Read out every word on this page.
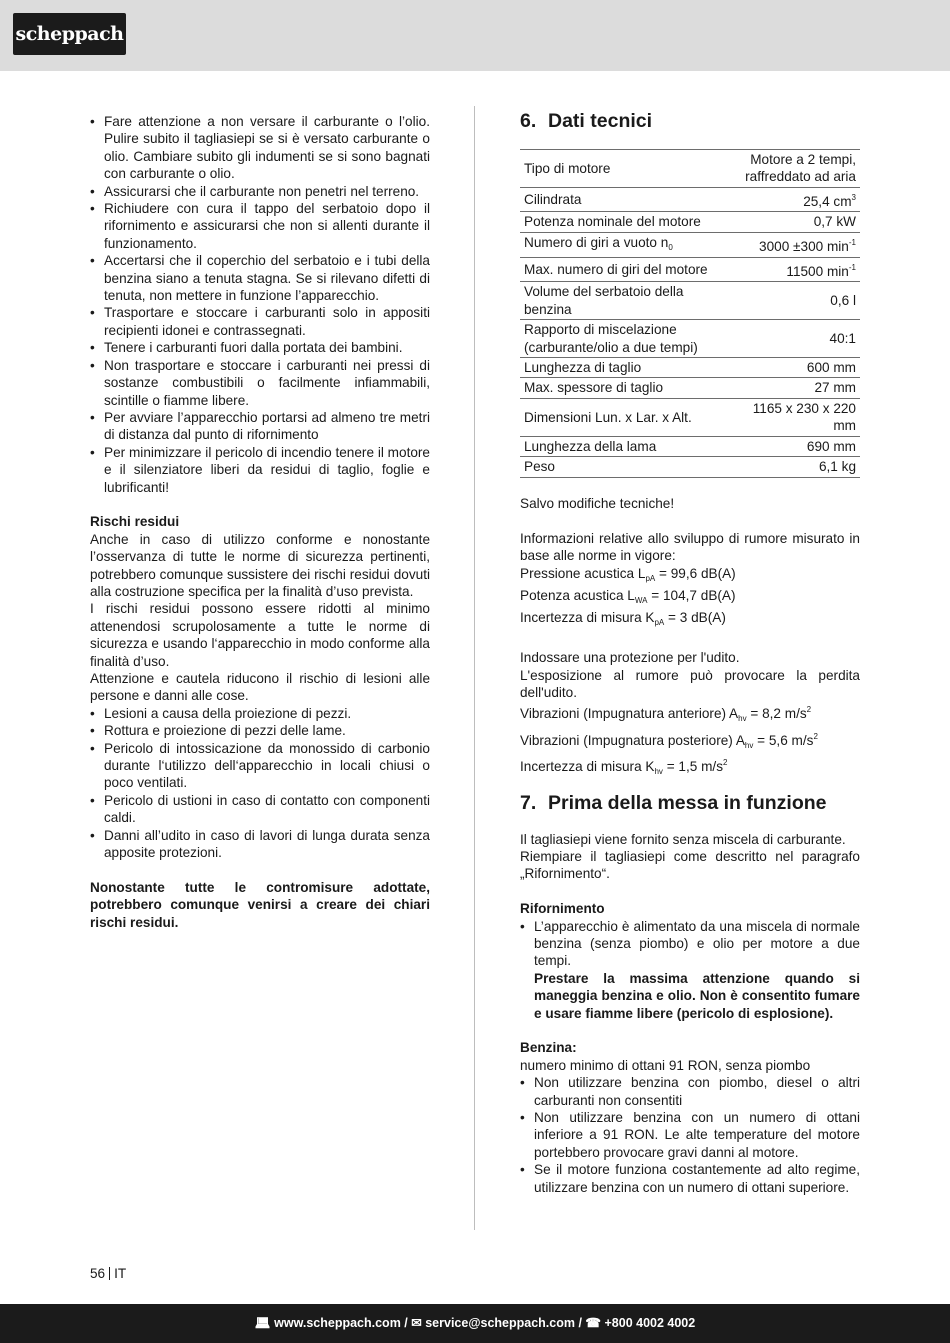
scheppach
• Fare attenzione a non versare il carburante o l’olio. Pulire subito il tagliasiepi se si è versato carburante o olio. Cambiare subito gli indumenti se si sono bagnati con carburante o olio.
• Assicurarsi che il carburante non penetri nel terreno.
• Richiudere con cura il tappo del serbatoio dopo il rifornimento e assicurarsi che non si allenti durante il funzionamento.
• Accertarsi che il coperchio del serbatoio e i tubi della benzina siano a tenuta stagna. Se si rilevano difetti di tenuta, non mettere in funzione l’apparecchio.
• Trasportare e stoccare i carburanti solo in appositi recipienti idonei e contrassegnati.
• Tenere i carburanti fuori dalla portata dei bambini.
• Non trasportare e stoccare i carburanti nei pressi di sostanze combustibili o facilmente infiammabili, scintille o fiamme libere.
• Per avviare l’apparecchio portarsi ad almeno tre metri di distanza dal punto di rifornimento
• Per minimizzare il pericolo di incendio tenere il motore e il silenziatore liberi da residui di taglio, foglie e lubrificanti!
Rischi residui

Anche in caso di utilizzo conforme e nonostante l’osservanza di tutte le norme di sicurezza pertinenti, potrebbero comunque sussistere dei rischi residui dovuti alla costruzione specifica per la finalità d’uso prevista.

I rischi residui possono essere ridotti al minimo attenendosi scrupolosamente a tutte le norme di sicurezza e usando l‘apparecchio in modo conforme alla finalità d’uso.

Attenzione e cautela riducono il rischio di lesioni alle persone e danni alle cose.

• Lesioni a causa della proiezione di pezzi.
• Rottura e proiezione di pezzi delle lame.
• Pericolo di intossicazione da monossido di carbonio durante l‘utilizzo dell‘apparecchio in locali chiusi o poco ventilati.
• Pericolo di ustioni in caso di contatto con componenti caldi.
• Danni all’udito in caso di lavori di lunga durata senza apposite protezioni.

Nonostante tutte le contromisure adottate, potrebbero comunque venirsi a creare dei chiari rischi residui.

6. Dati tecnici
Tipo di motore	Motore a 2 tempi, raffreddato ad aria
Cilindrata	25,4 $cm^3$
Potenza nominale del motore	0,7 kW
Numero di giri a vuoto $n_0$	3000 ±300 $\min^{-1}$
Max. numero di giri del motore	11500 $\min^{-1}$
Volume del serbatoio della benzina	0,6 l
Rapporto di miscelazione (carburante/olio a due tempi)	40:1
Lunghezza di taglio	600 mm
Max. spessore di taglio	27 mm
Dimensioni Lun. x Lar. x Alt.	1165 x 230 x 220 mm
Lunghezza della lama	690 mm
Peso	6,1 kg

Salvo modifiche tecniche!

Informazioni relative allo sviluppo di rumore misurato in base alle norme in vigore:

Pressione acustica $L_{pA} = 99,6$ dB(A)

Potenza acustica $L_{WA} = 104,7$ dB(A)

Incertezza di misura $K_{pA} = 3$ dB(A)

Indossare una protezione per l'udito.

L'esposizione al rumore può provocare la perdita dell'udito.

Vibrazioni (Impugnatura anteriore) $A_{hv} = 8,2$ $m/s^2$

Vibrazioni (Impugnatura posteriore) $A_{hv} = 5,6$ $m/s^2$

Incertezza di misura $K_{hv} = 1,5$ $m/s^2$

7. Prima della messa in funzione

Il tagliasiepi viene fornito senza miscela di carburante.

Riempiare il tagliasiepi come descritto nel paragrafo „Rifornimento“.

Rifornimento
• L’apparecchio è alimentato da una miscela di normale benzina (senza piombo) e olio per motore a due tempi.
Prestare la massima attenzione quando si maneggia benzina e olio. Non è consentito fumare e usare fiamme libere (pericolo di esplosione).
Benzina:

numero minimo di ottani 91 RON, senza piombo

• Non utilizzare benzina con piombo, diesel o altri carburanti non consentiti
• Non utilizzare benzina con un numero di ottani inferiore a 91 RON. Le alte temperature del motore portebbero provocare gravi danni al motore.
• Se il motore funziona costantemente ad alto regime, utilizzare benzina con un numero di ottani superiore.
56 IT
💻︎ www.scheppach.com / ✉︎ service@scheppach.com / ☎︎ +800 4002 4002
